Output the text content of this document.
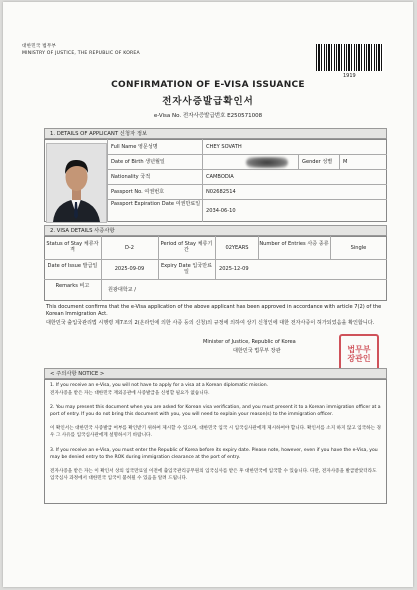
대한민국 법무부
MINISTRY OF JUSTICE, THE REPUBLIC OF KOREA
1919
CONFIRMATION OF E-VISA ISSUANCE
전자사증발급확인서
e-Visa No. 전자사증발급번호 E250571008
1. DETAILS OF APPLICANT 신청자 정보
Full Name 영문성명	CHEY SOVATH
Date of Birth 생년월일	Gender 성별 M
Nationality 국적	CAMBODIA
Passport No. 여권번호	N02682514
Passport Expiration Date 여권만료일
2034-06-10
2. VISA DETAILS 사증사항
Status of Stay 체류자격	D-2
Period of Stay 체류기간	02YEARS
Number of Entries 사증 종류
Single
Date of Issue 발급일	2025-09-09	Expiry Date 입국만료일
2025-12-09
Remarks 비고
원광대학교 /
This document confirms that the e-Visa application of the above applicant has been approved in accordance with article 7(2) of the Korean Immigration Act.
대한민국 출입국관리법 시행령 제7조의 2(온라인에 의한 사증 등의 신청)의 규정에 의하여 상기 신청인에 대한 전자사증이 허가되었음을 확인합니다.
Minister of Justice, Republic of Korea
대한민국 법무부 장관	법무부
장관인
< 주의사항 NOTICE >
1. If you receive an e-Visa, you will not have to apply for a visa at a Korean diplomatic mission.
전자사증을 받은 자는 대한민국 재외공관에 사증발급을 신청할 필요가 없습니다.
2. You may present this document when you are asked for Korean visa verification, and you must present it to a Korean immigration officer at a port of entry. If you do not bring this document with you, you will need to explain your reason(s) to the immigration officer.
이 확인서는 대한민국 사증발급 여부를 확인받기 위하여 제시할 수 있으며, 대한민국 입국 시 입국심사관에게 제시하여야 합니다. 확인서를 소지 하지 않고 입국하는 경우 그 사유를 입국심사관에게 설명하시기 바랍니다.
3. If you receive an e-Visa, you must enter the Republic of Korea before its expiry date. Please note, however, even if you have the e-Visa, you may be denied entry to the ROK during immigration clearance at the port of entry.
전자사증을 받은 자는 이 확인서 상의 입국만료일 이전에 출입국관리공무원의 입국심사를 받은 후 대한민국에 입국할 수 있습니다. 다만, 전자사증을 발급받았더라도 입국심사 과정에서 대한민국 입국이 불허될 수 있음을 알려 드립니다.
